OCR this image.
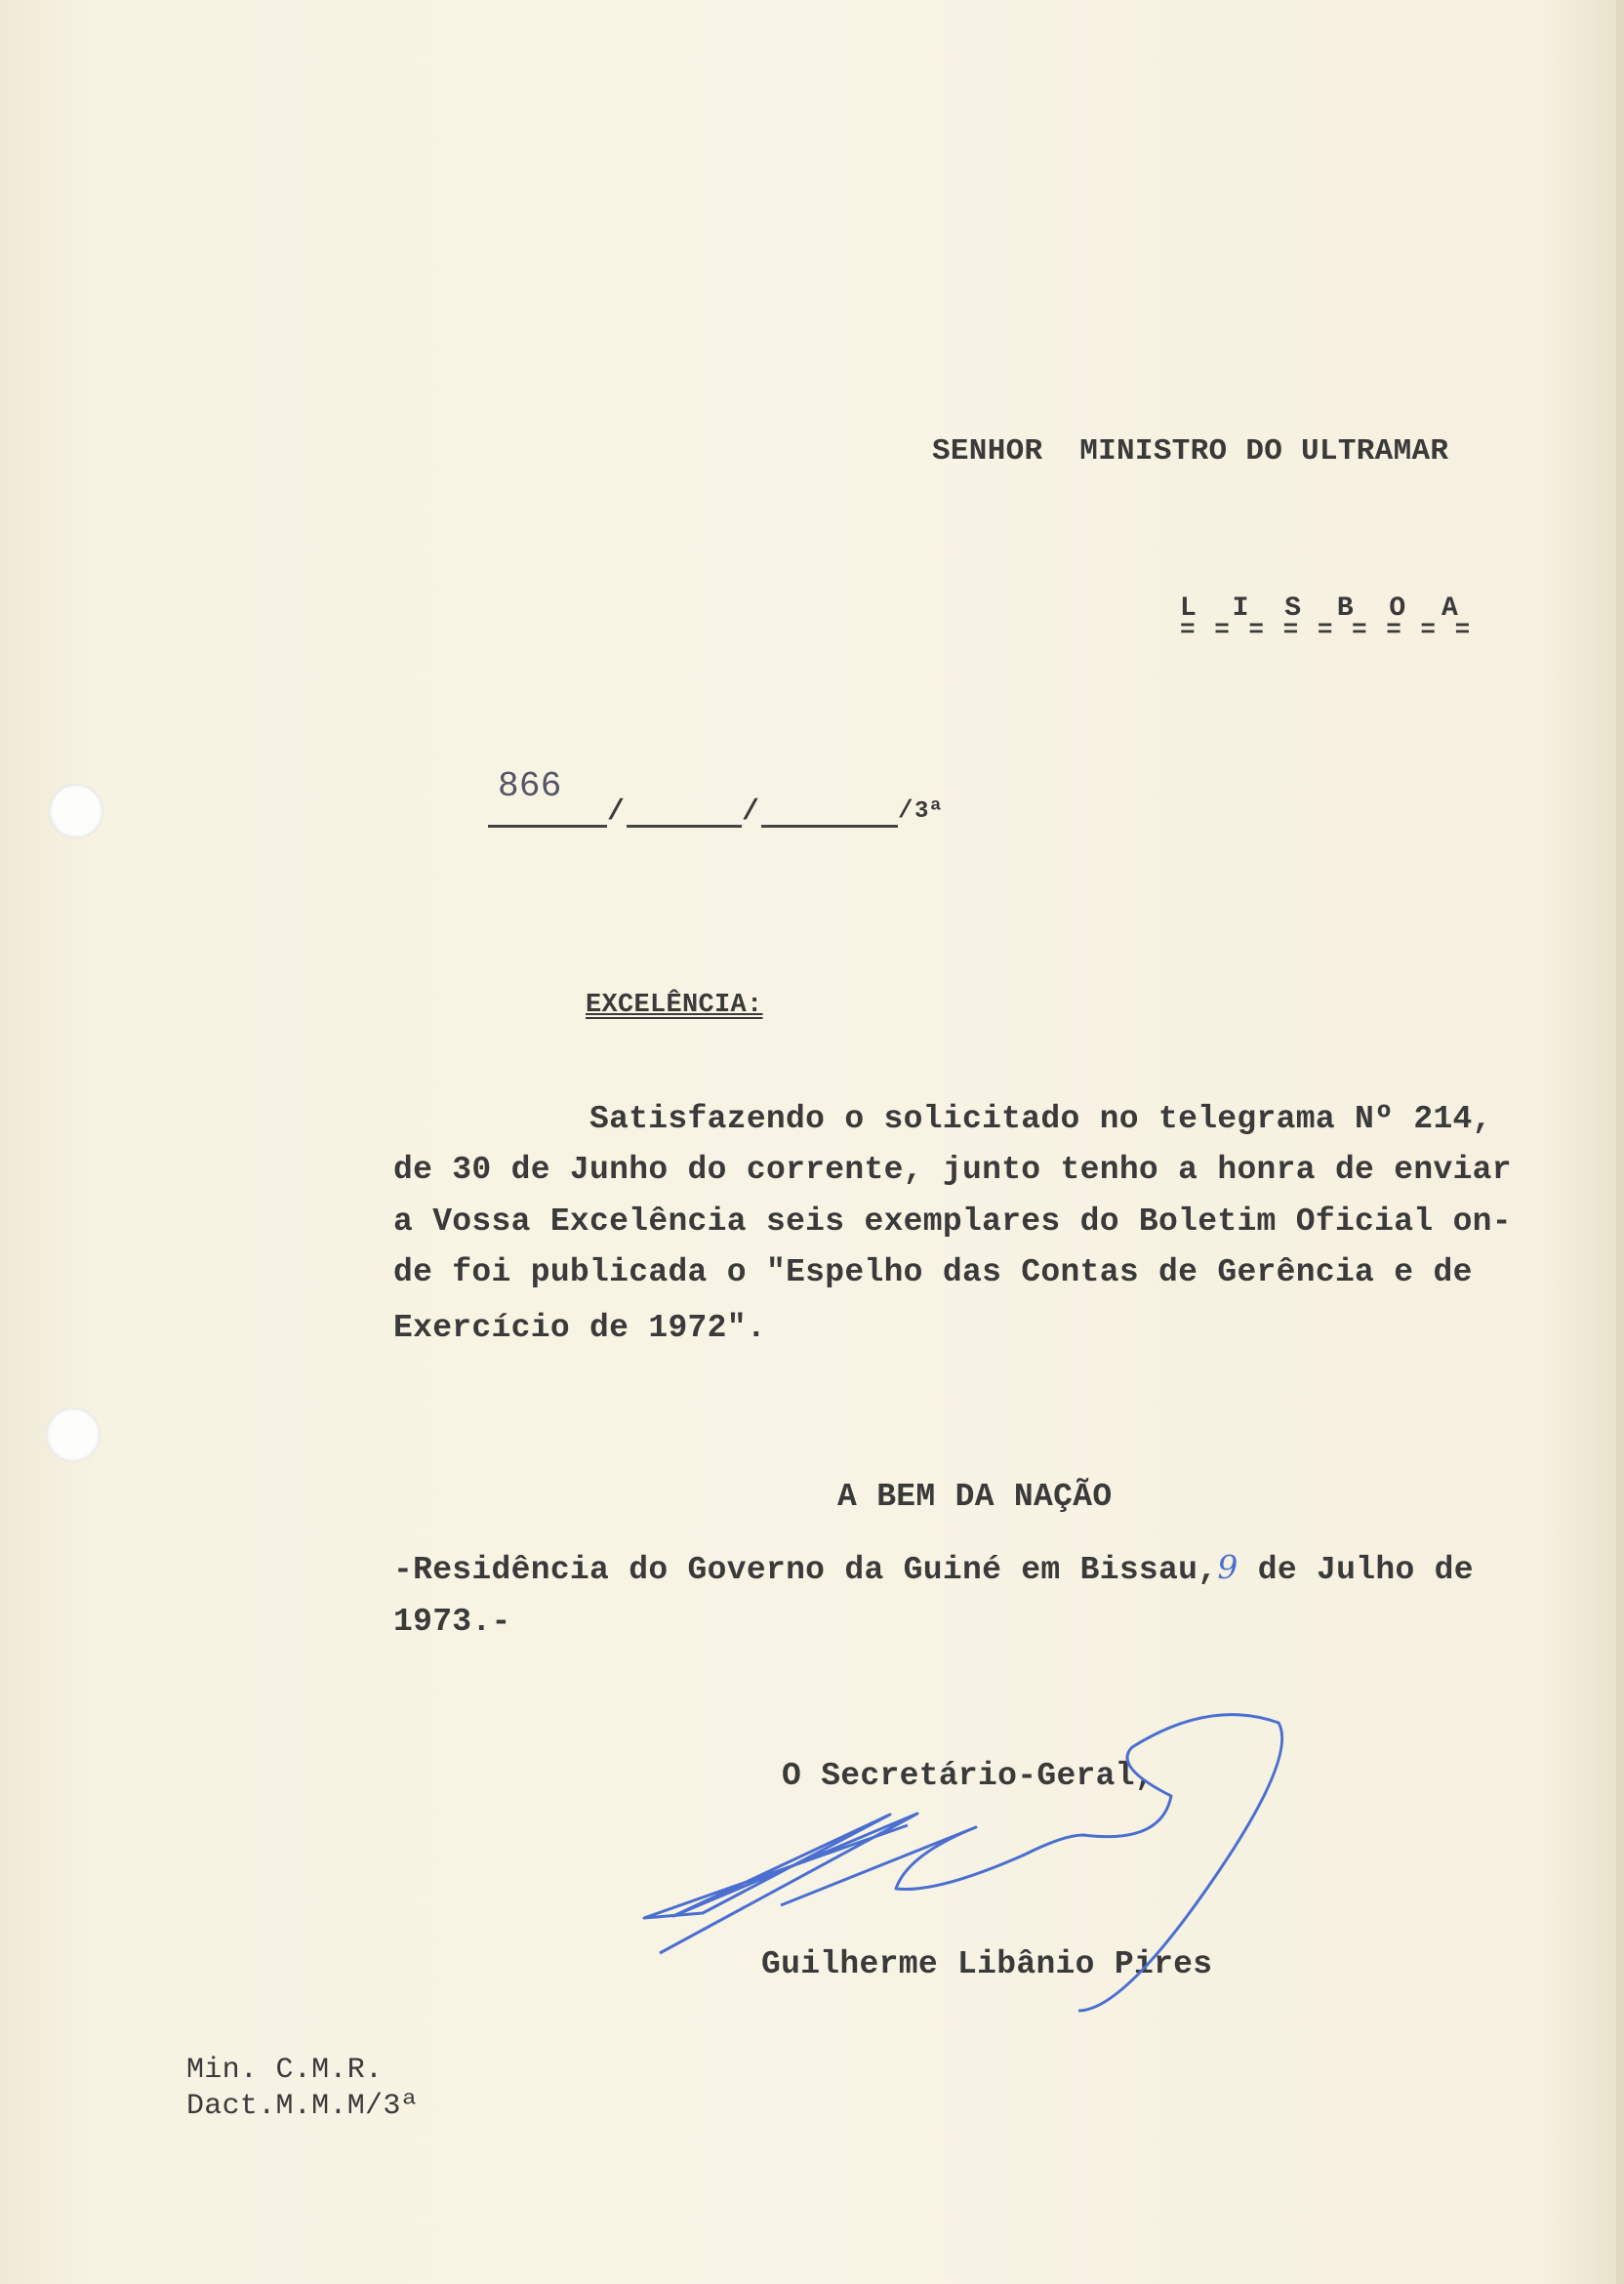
SENHOR  MINISTRO DO ULTRAMAR
L I S B O A
= = = = = = = = =
866
/	/	/ 3ª
EXCELÊNCIA:
Satisfazendo o solicitado no telegrama Nº 214,
de 30 de Junho do corrente, junto tenho a honra de enviar
a Vossa Excelência seis exemplares do Boletim Oficial on-
de foi publicada o "Espelho das Contas de Gerência e de
Exercício de 1972".
A BEM DA NAÇÃO
-Residência do Governo da Guiné em Bissau,9 de Julho de
1973.-
O Secretário-Geral,
Guilherme Libânio Pires
Min. C.M.R.
Dact.M.M.M/3ª
